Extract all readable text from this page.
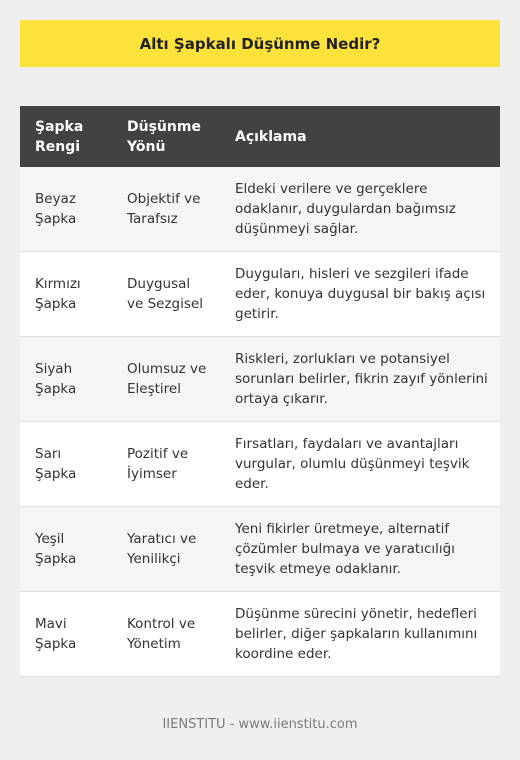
Altı Şapkalı Düşünme Nedir?
Şapka Rengi	Düşünme Yönü	Açıklama
Beyaz Şapka	Objektif ve Tarafsız	Eldeki verilere ve gerçeklere odaklanır, duygulardan bağımsız düşünmeyi sağlar.
Kırmızı Şapka	Duygusal ve Sezgisel	Duyguları, hisleri ve sezgileri ifade eder, konuya duygusal bir bakış açısı getirir.
Siyah Şapka	Olumsuz ve Eleştirel	Riskleri, zorlukları ve potansiyel sorunları belirler, fikrin zayıf yönlerini ortaya çıkarır.
Sarı Şapka	Pozitif ve İyimser	Fırsatları, faydaları ve avantajları vurgular, olumlu düşünmeyi teşvik eder.
Yeşil Şapka	Yaratıcı ve Yenilikçi	Yeni fikirler üretmeye, alternatif çözümler bulmaya ve yaratıcılığı teşvik etmeye odaklanır.
Mavi Şapka	Kontrol ve Yönetim	Düşünme sürecini yönetir, hedefleri belirler, diğer şapkaların kullanımını koordine eder.
IIENSTITU - www.iienstitu.com
